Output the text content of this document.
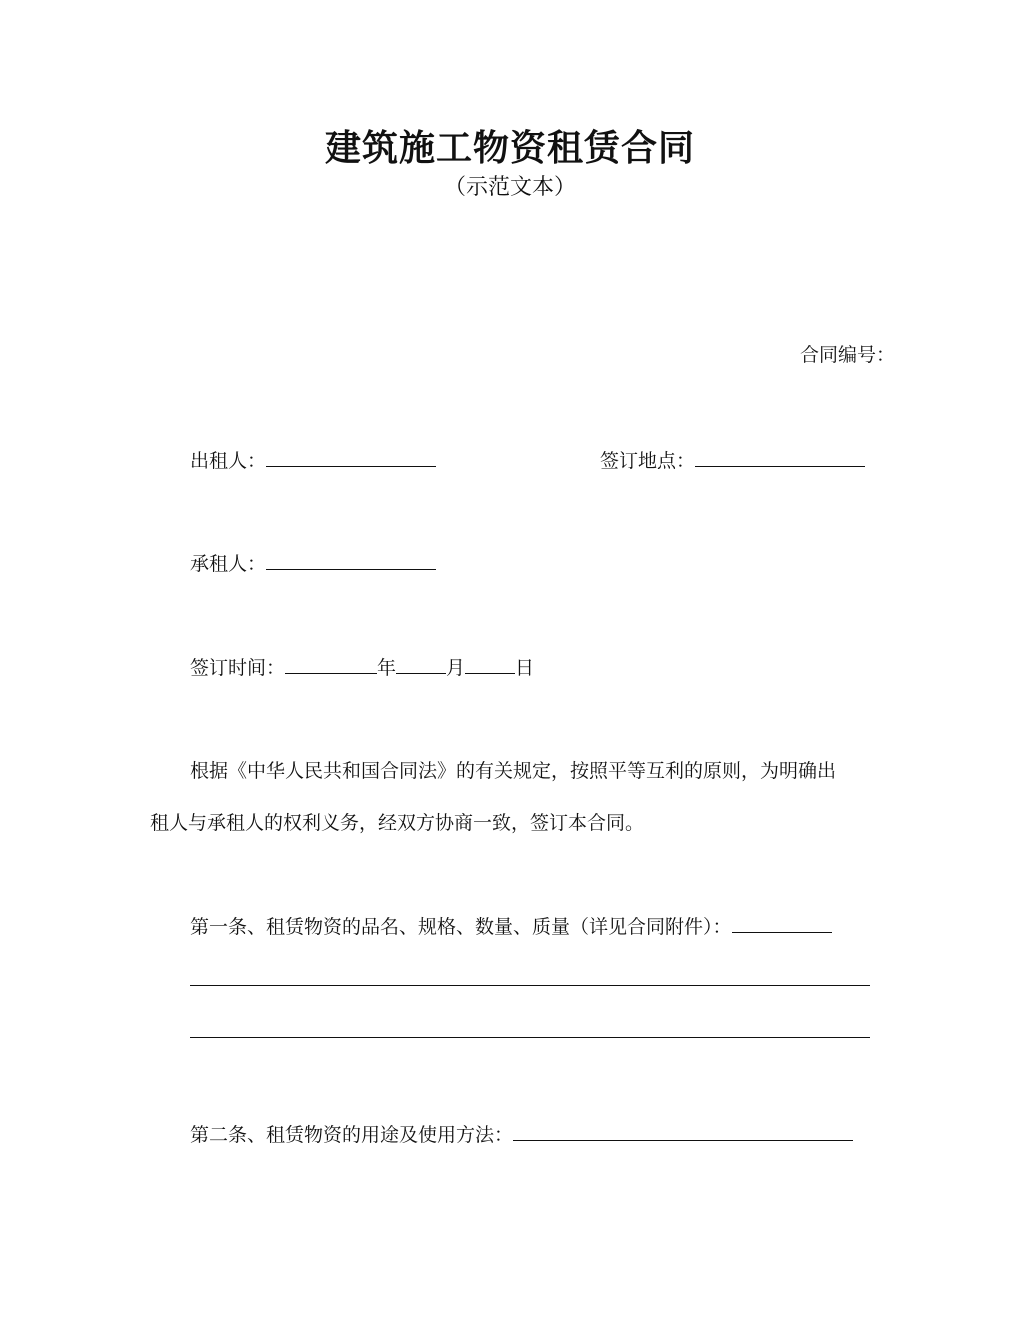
建筑施工物资租赁合同
（示范文本）
合同编号：
出租人：	签订地点：
承租人：
签订时间：	年	月	日
根据《中华人民共和国合同法》的有关规定，按照平等互利的原则，为明确出
租人与承租人的权利义务，经双方协商一致，签订本合同。
第一条、租赁物资的品名、规格、数量、质量（详见合同附件）：
第二条、租赁物资的用途及使用方法：
